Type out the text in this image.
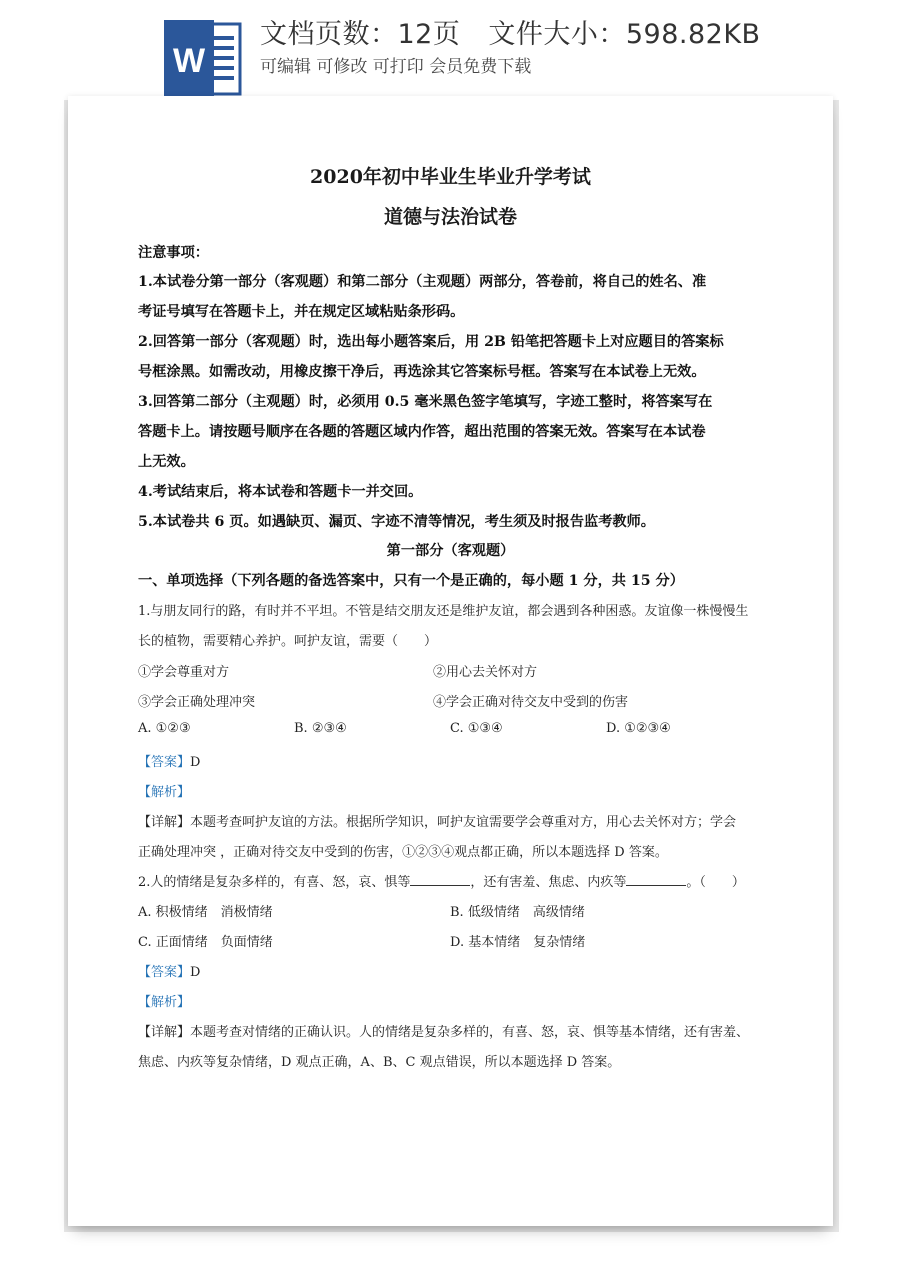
W
文档页数：12页 文件大小：598.82KB
可编辑 可修改 可打印 会员免费下载
2020年初中毕业生毕业升学考试
道德与法治试卷
注意事项：
1.本试卷分第一部分（客观题）和第二部分（主观题）两部分，答卷前，将自己的姓名、准
考证号填写在答题卡上，并在规定区域粘贴条形码。
2.回答第一部分（客观题）时，选出每小题答案后，用 2B 铅笔把答题卡上对应题目的答案标
号框涂黑。如需改动，用橡皮擦干净后，再选涂其它答案标号框。答案写在本试卷上无效。
3.回答第二部分（主观题）时，必须用 0.5 毫米黑色签字笔填写，字迹工整时，将答案写在
答题卡上。请按题号顺序在各题的答题区域内作答，超出范围的答案无效。答案写在本试卷
上无效。
4.考试结束后，将本试卷和答题卡一并交回。
5.本试卷共 6 页。如遇缺页、漏页、字迹不清等情况，考生须及时报告监考教师。
第一部分（客观题）
一、单项选择（下列各题的备选答案中，只有一个是正确的，每小题 1 分，共 15 分）
1.与朋友同行的路，有时并不平坦。不管是结交朋友还是维护友谊，都会遇到各种困惑。友谊像一株慢慢生
长的植物，需要精心养护。呵护友谊，需要（　　）
①学会尊重对方	②用心去关怀对方
③学会正确处理冲突	④学会正确对待交友中受到的伤害
A. ①②③	B. ②③④	C. ①③④	D. ①②③④
【答案】D
【解析】
【详解】本题考查呵护友谊的方法。根据所学知识，呵护友谊需要学会尊重对方，用心去关怀对方；学会
正确处理冲突 ，正确对待交友中受到的伤害，①②③④观点都正确，所以本题选择 D 答案。
2.人的情绪是复杂多样的，有喜、怒，哀、惧等	，还有害羞、焦虑、内疚等	。（　　）
A. 积极情绪　消极情绪	B. 低级情绪　高级情绪
C. 正面情绪　负面情绪	D. 基本情绪　复杂情绪
【答案】D
【解析】
【详解】本题考查对情绪的正确认识。人的情绪是复杂多样的，有喜、怒，哀、惧等基本情绪，还有害羞、
焦虑、内疚等复杂情绪，D 观点正确，A、B、C 观点错误，所以本题选择 D 答案。
